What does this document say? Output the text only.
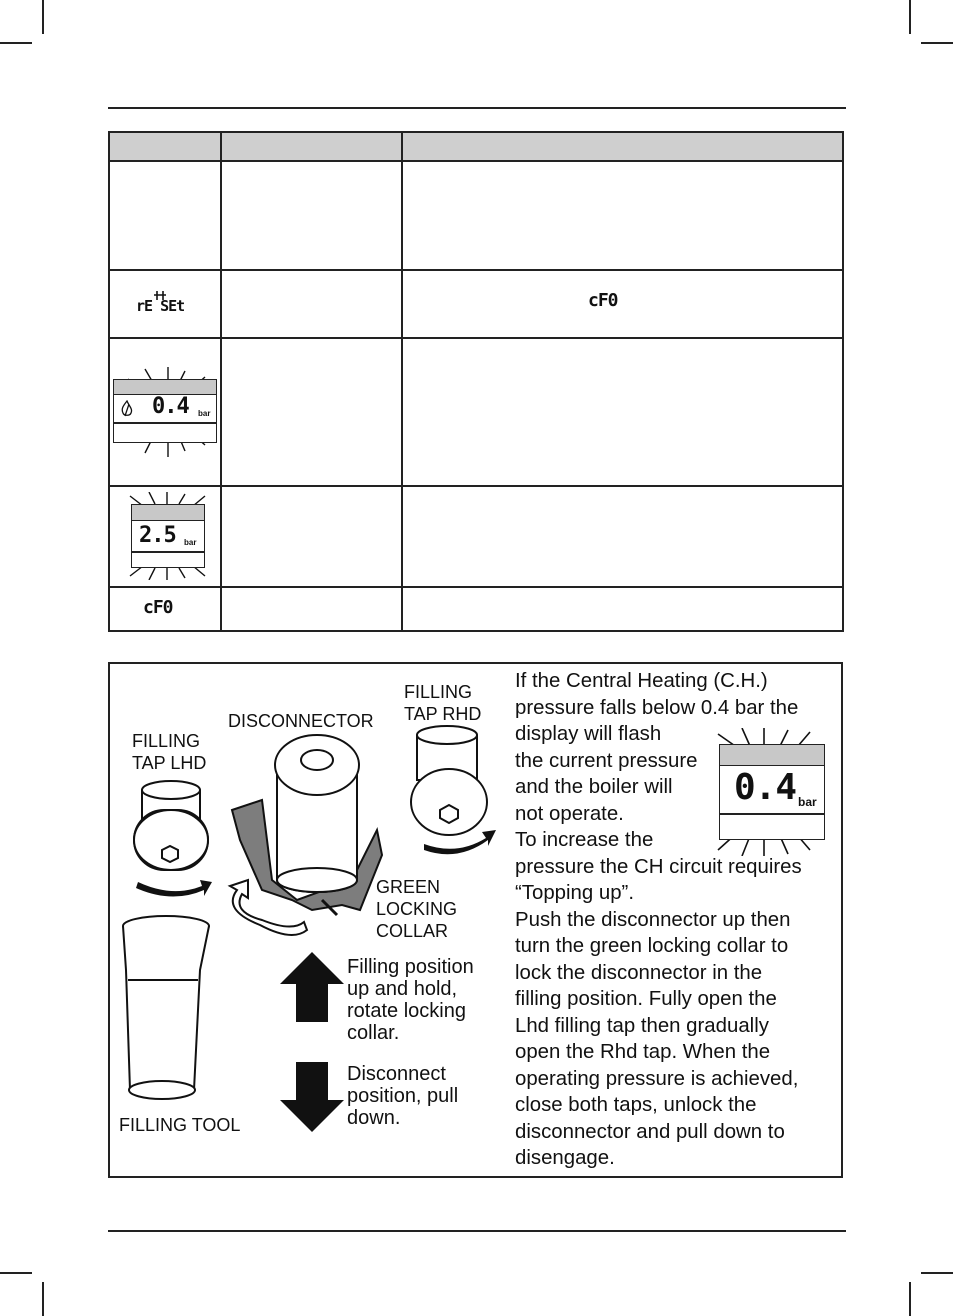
rE SEt	cF0
0.4 bar
2.5 bar
cF0
FILLING
TAP LHD
DISCONNECTOR
FILLING
TAP RHD
GREEN
LOCKING
COLLAR
FILLING TOOL
Filling position
up and hold,
rotate locking
collar.
Disconnect
position, pull
down.
If the Central Heating (C.H.)
pressure falls below 0.4 bar the
display will flash
the current pressure
and the boiler will
not operate.
To increase the
pressure the CH circuit requires
“Topping up”.
Push the disconnector up then
turn the green locking collar to
lock the disconnector in the
filling position. Fully open the
Lhd filling tap then gradually
open the Rhd tap. When the
operating pressure is achieved,
close both taps, unlock the
disconnector and pull down to
disengage.
0.4 bar
